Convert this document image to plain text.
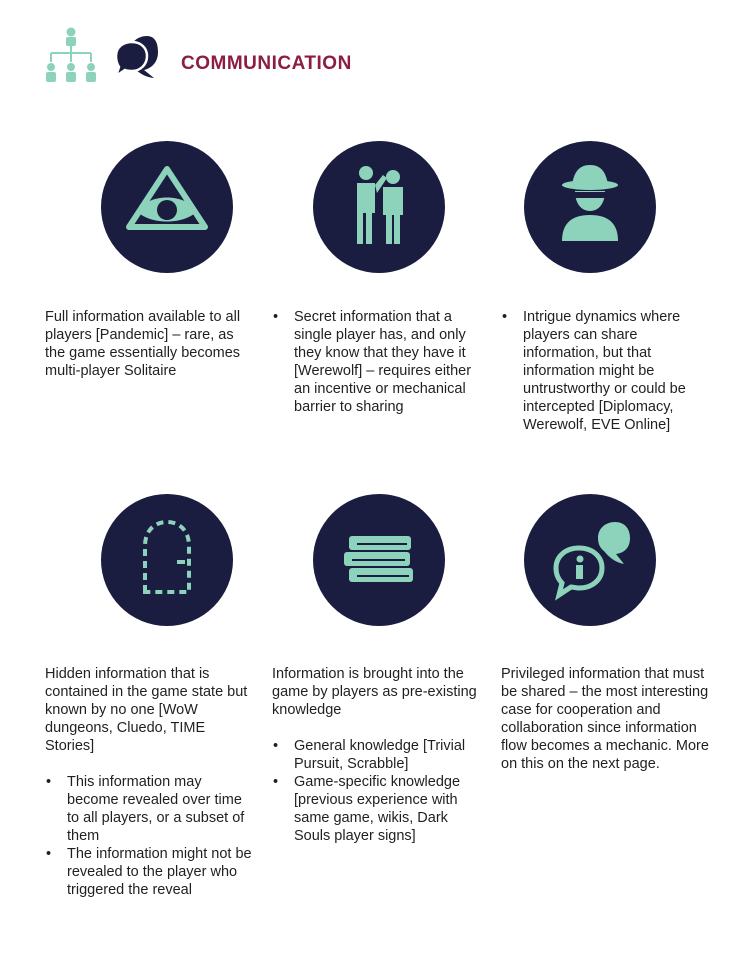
COMMUNICATION

Full information available to all players [Pandemic] – rare, as the game essentially becomes multi-player Solitaire

• Secret information that a single player has, and only they know that they have it [Werewolf] – requires either an incentive or mechanical barrier to sharing
• Intrigue dynamics where players can share information, but that information might be untrustworthy or could be intercepted [Diplomacy, Werewolf, EVE Online]

Hidden information that is contained in the game state but known by no one [WoW dungeons, Cluedo, TIME Stories]

• This information may become revealed over time to all players, or a subset of them
• The information might not be revealed to the player who triggered the reveal

Information is brought into the game by players as pre-existing knowledge

• General knowledge [Trivial Pursuit, Scrabble]
• Game-specific knowledge [previous experience with same game, wikis, Dark Souls player signs]

Privileged information that must be shared – the most interesting case for cooperation and collaboration since information flow becomes a mechanic. More on this on the next page.
